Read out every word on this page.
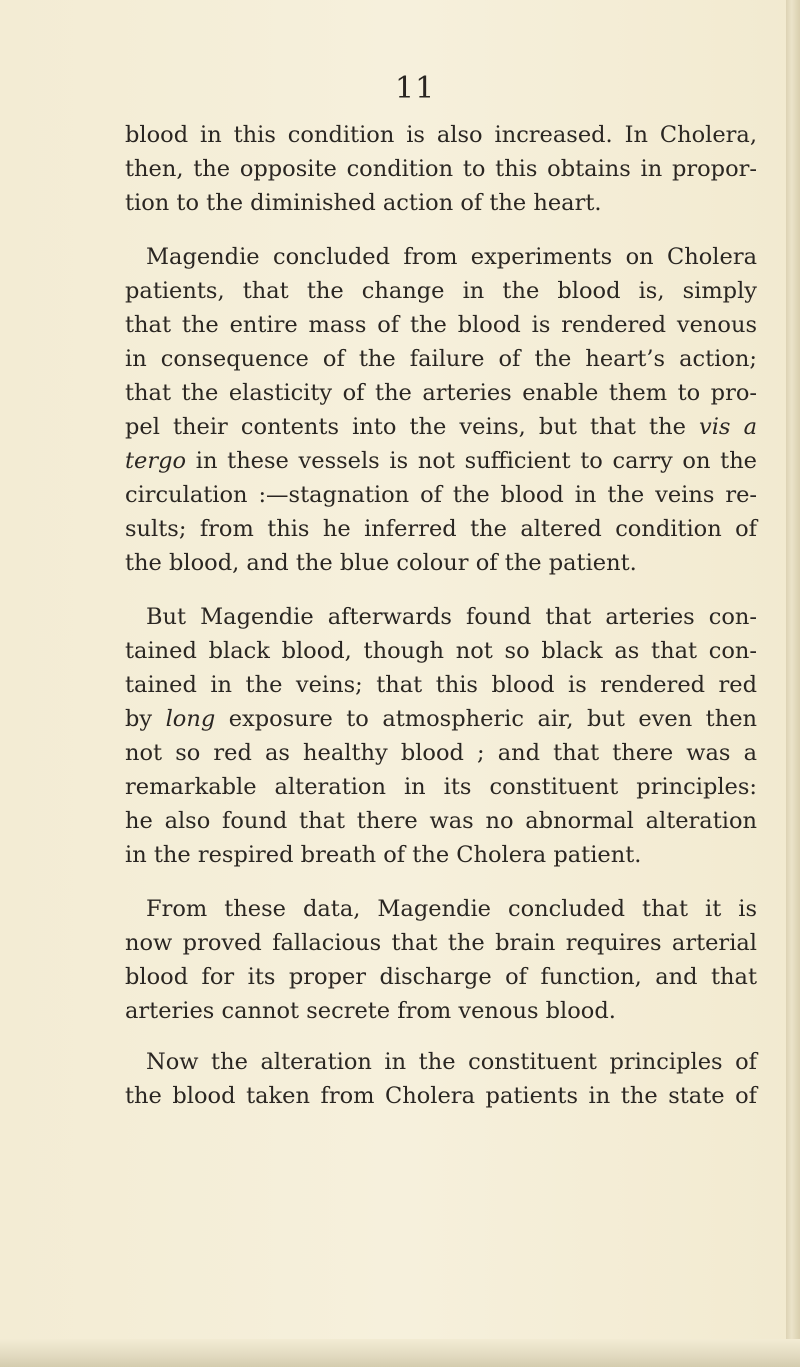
11

blood in this condition is also increased. In Cholera,
then, the opposite condition to this obtains in propor-
tion to the diminished action of the heart.

Magendie concluded from experiments on Cholera
patients, that the change in the blood is, simply
that the entire mass of the blood is rendered venous
in consequence of the failure of the heart’s action;
that the elasticity of the arteries enable them to pro-
pel their contents into the veins, but that the vis a
tergo in these vessels is not sufficient to carry on the
circulation :—stagnation of the blood in the veins re-
sults; from this he inferred the altered condition of
the blood, and the blue colour of the patient.

But Magendie afterwards found that arteries con-
tained black blood, though not so black as that con-
tained in the veins; that this blood is rendered red
by long exposure to atmospheric air, but even then
not so red as healthy blood ; and that there was a
remarkable alteration in its constituent principles:
he also found that there was no abnormal alteration
in the respired breath of the Cholera patient.

From these data, Magendie concluded that it is
now proved fallacious that the brain requires arterial
blood for its proper discharge of function, and that
arteries cannot secrete from venous blood.

Now the alteration in the constituent principles of
the blood taken from Cholera patients in the state of
